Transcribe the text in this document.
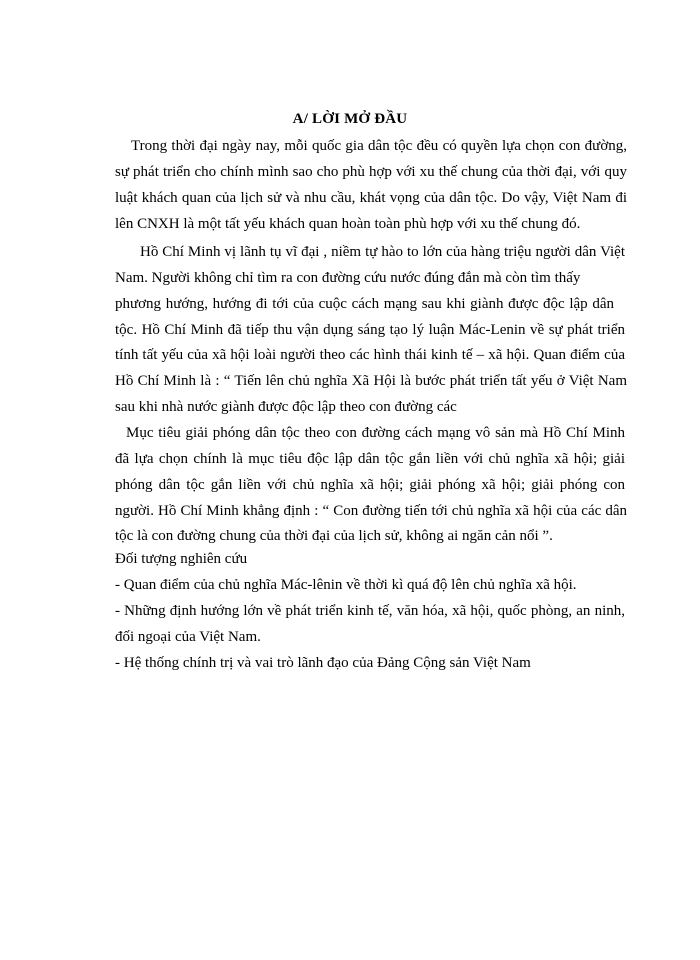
A/ LỜI MỞ ĐẦU
Trong thời đại ngày nay, mỗi quốc gia dân tộc đều có quyền lựa chọn con đường,
sự phát triển cho chính mình sao cho phù hợp với xu thế chung của thời đại, với quy
luật khách quan của lịch sử và nhu cầu, khát vọng của dân tộc. Do vậy, Việt Nam đi
lên CNXH là một tất yếu khách quan hoàn toàn phù hợp với xu thế chung đó.
Hồ Chí Minh vị lãnh tụ vĩ đại , niềm tự hào to lớn của hàng triệu người dân Việt
Nam. Người không chỉ tìm ra con đường cứu nước đúng đắn mà còn tìm thấy
phương hướng, hướng đi tới của cuộc cách mạng sau khi giành được độc lập dân
tộc. Hồ Chí Minh đã tiếp thu vận dụng sáng tạo lý luận Mác-Lenin về sự phát triển
tính tất yếu của xã hội loài người theo các hình thái kinh tế – xã hội. Quan điểm của
Hồ Chí Minh là : “ Tiến lên chủ nghĩa Xã Hội là bước phát triển tất yếu ở Việt Nam
sau khi nhà nước giành được độc lập theo con đường các
Mục tiêu giải phóng dân tộc theo con đường cách mạng vô sản mà Hồ Chí Minh
đã lựa chọn chính là mục tiêu độc lập dân tộc gắn liền với chủ nghĩa xã hội; giải
phóng dân tộc gắn liền với chủ nghĩa xã hội; giải phóng xã hội; giải phóng con
người. Hồ Chí Minh khẳng định : “ Con đường tiến tới chủ nghĩa xã hội của các dân
tộc là con đường chung của thời đại của lịch sử, không ai ngăn cản nổi ”.
Đối tượng nghiên cứu
- Quan điểm của chủ nghĩa Mác-lênin về thời kì quá độ lên chủ nghĩa xã hội.
- Những định hướng lớn về phát triển kinh tế, văn hóa, xã hội, quốc phòng, an ninh,
đối ngoại của Việt Nam.
- Hệ thống chính trị và vai trò lãnh đạo của Đảng Cộng sản Việt Nam
